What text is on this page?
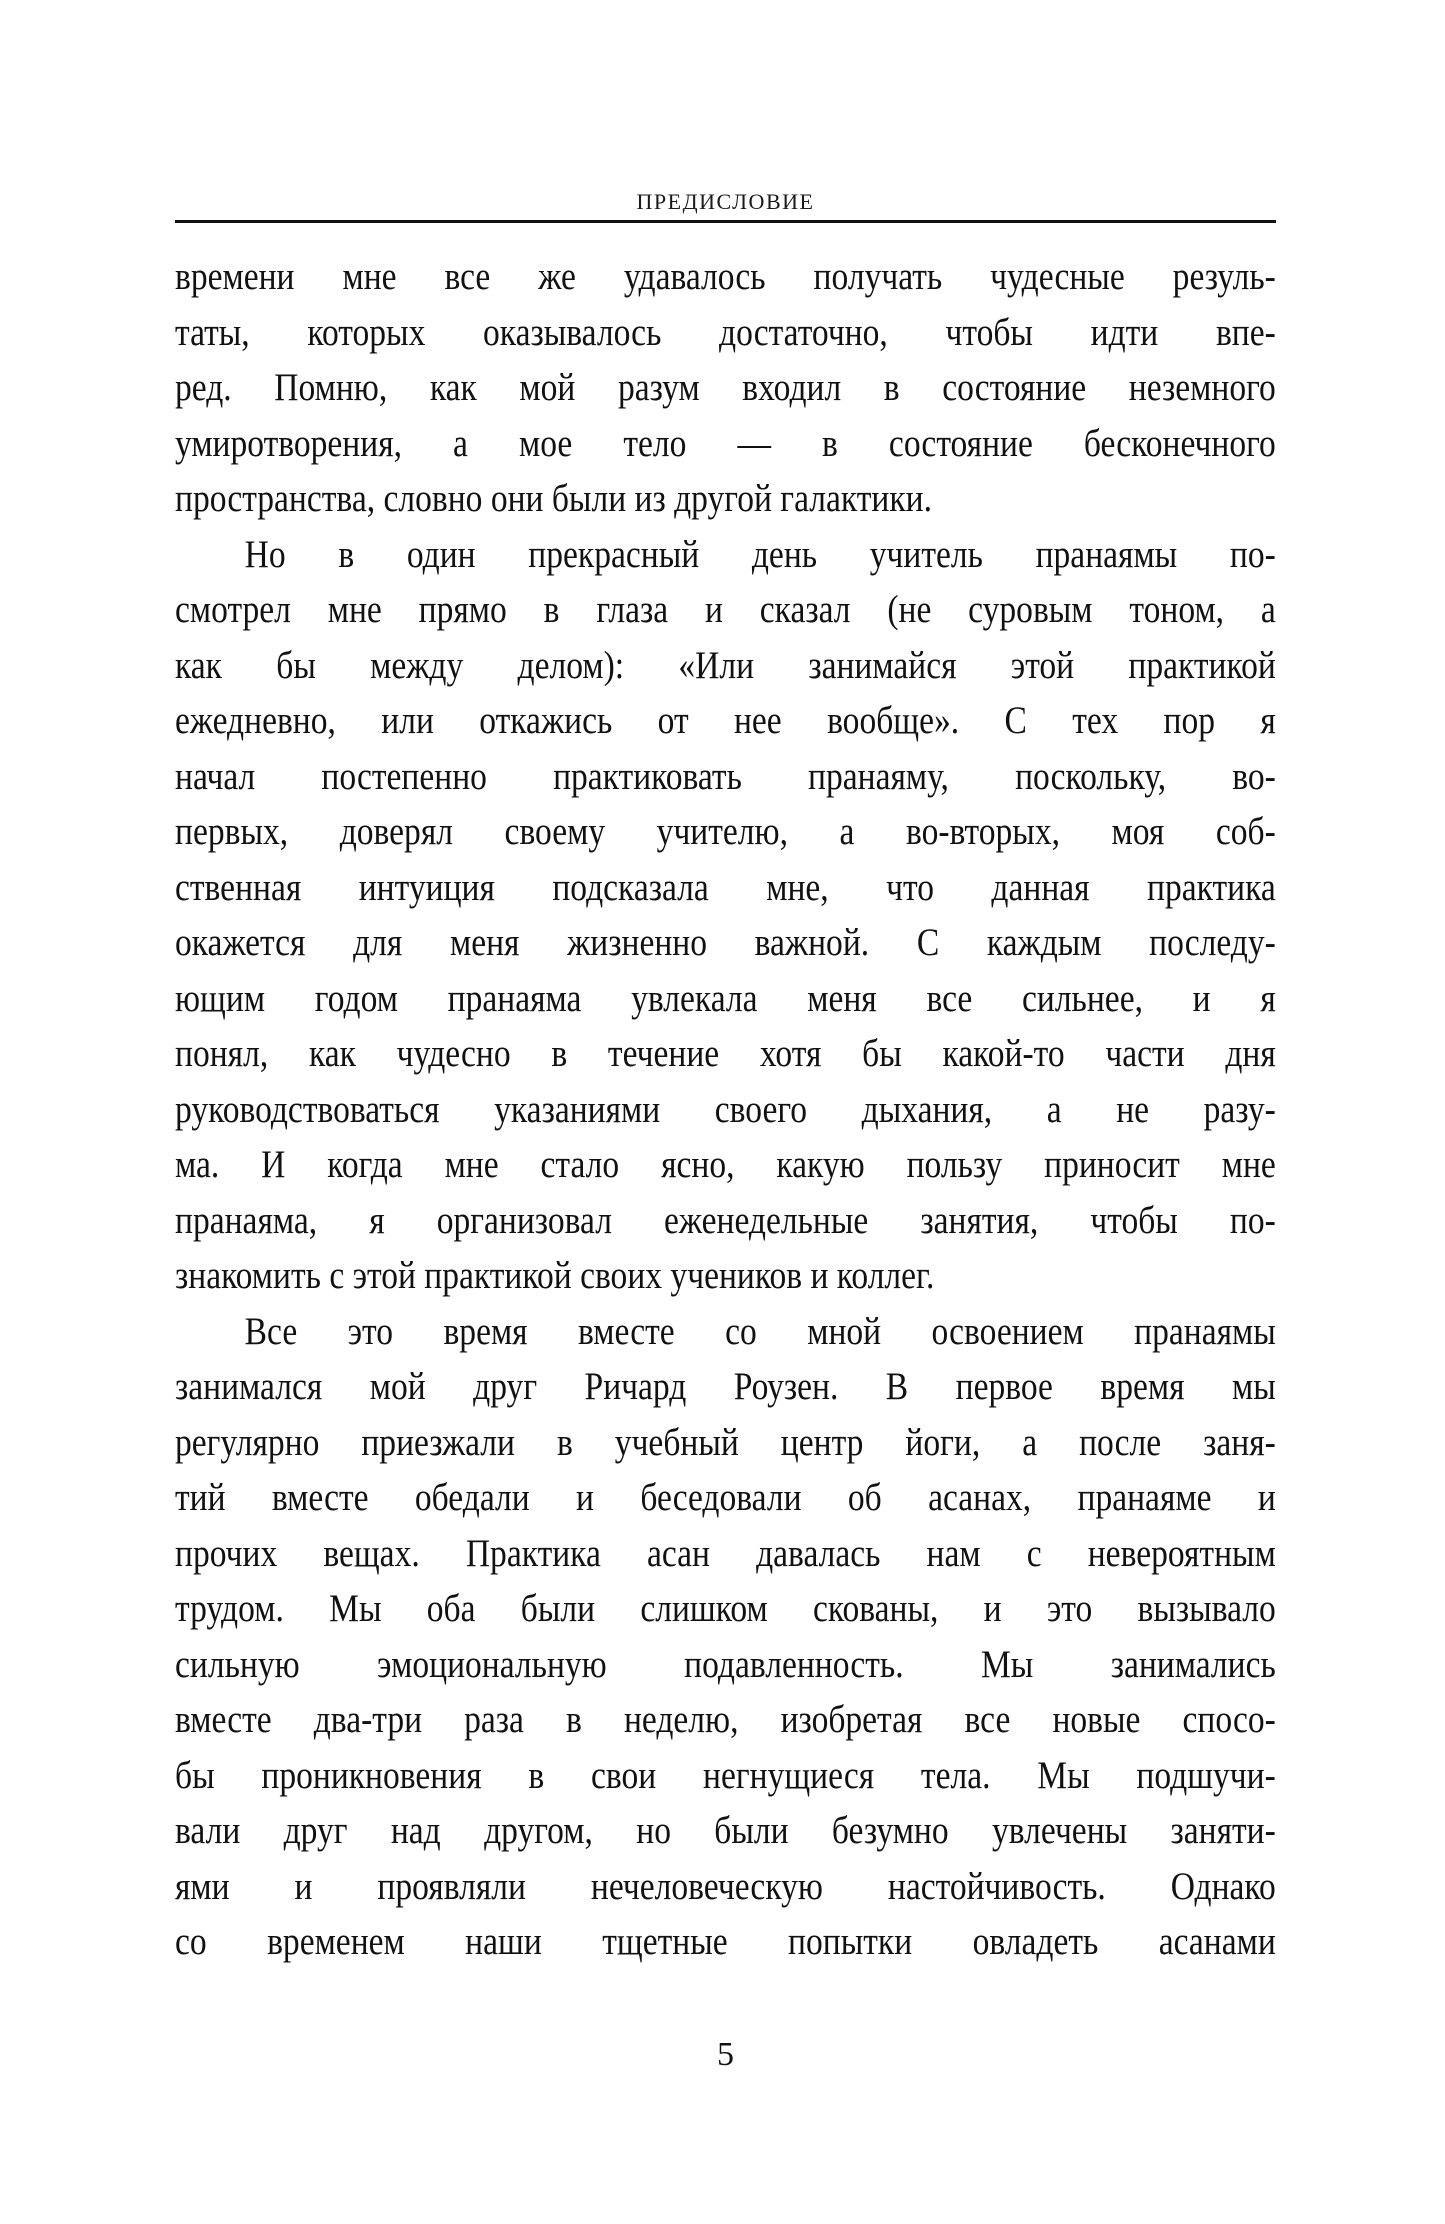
ПРЕДИСЛОВИЕ
времени мне все же удавалось получать чудесные резуль-
таты, которых оказывалось достаточно, чтобы идти впе-
ред. Помню, как мой разум входил в состояние неземного
умиротворения, а мое тело — в состояние бесконечного
пространства, словно они были из другой галактики.
Но в один прекрасный день учитель пранаямы по-
смотрел мне прямо в глаза и сказал (не суровым тоном, а
как бы между делом): «Или занимайся этой практикой
ежедневно, или откажись от нее вообще». С тех пор я
начал постепенно практиковать пранаяму, поскольку, во-
первых, доверял своему учителю, а во-вторых, моя соб-
ственная интуиция подсказала мне, что данная практика
окажется для меня жизненно важной. С каждым последу-
ющим годом пранаяма увлекала меня все сильнее, и я
понял, как чудесно в течение хотя бы какой-то части дня
руководствоваться указаниями своего дыхания, а не разу-
ма. И когда мне стало ясно, какую пользу приносит мне
пранаяма, я организовал еженедельные занятия, чтобы по-
знакомить с этой практикой своих учеников и коллег.
Все это время вместе со мной освоением пранаямы
занимался мой друг Ричард Роузен. В первое время мы
регулярно приезжали в учебный центр йоги, а после заня-
тий вместе обедали и беседовали об асанах, пранаяме и
прочих вещах. Практика асан давалась нам с невероятным
трудом. Мы оба были слишком скованы, и это вызывало
сильную эмоциональную подавленность. Мы занимались
вместе два-три раза в неделю, изобретая все новые спосо-
бы проникновения в свои негнущиеся тела. Мы подшучи-
вали друг над другом, но были безумно увлечены заняти-
ями и проявляли нечеловеческую настойчивость. Однако
со временем наши тщетные попытки овладеть асанами
5
